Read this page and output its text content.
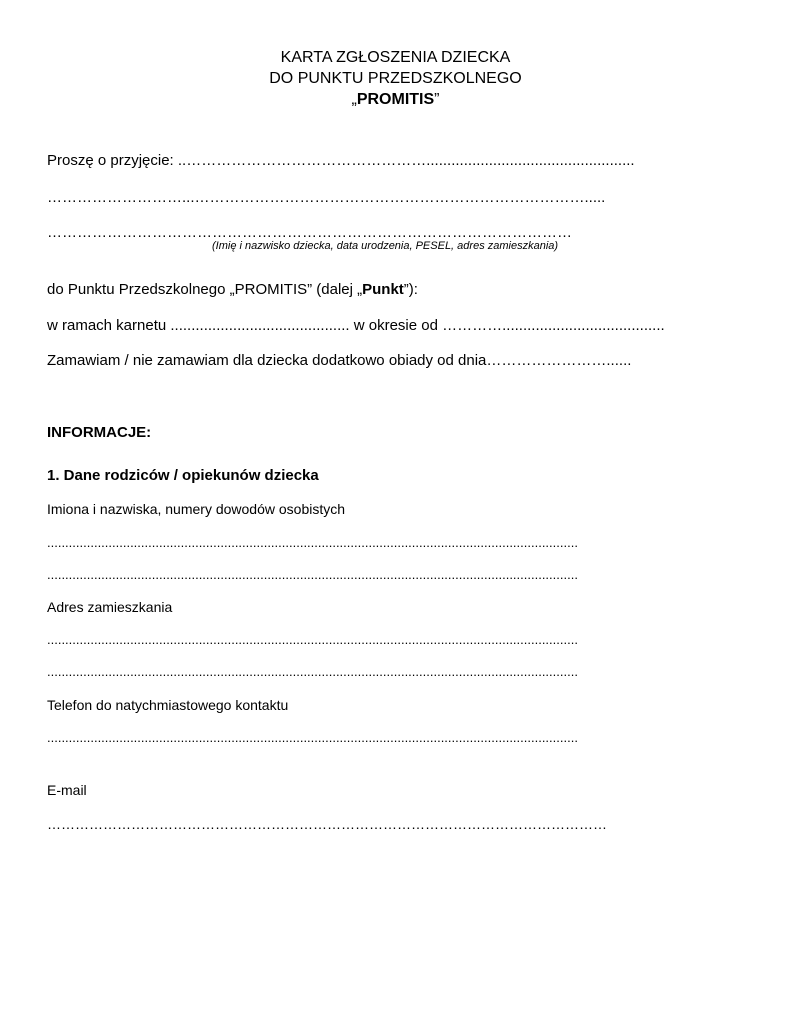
KARTA ZGŁOSZENIA DZIECKA
DO PUNKTU PRZEDSZKOLNEGO
„PROMITIS”
Proszę o przyjęcie: ..…………………………………………..................................................
………………………...…………………………………………………………………….....
……………………………………………………………………………………………
(Imię i nazwisko dziecka, data urodzenia, PESEL, adres zamieszkania)
do Punktu Przedszkolnego „PROMITIS” (dalej „Punkt”):
w ramach karnetu ........................................... w okresie od ………….......................................
Zamawiam / nie zamawiam dla dziecka dodatkowo obiady od dnia……………………......
INFORMACJE:
1. Dane rodziców / opiekunów dziecka
Imiona i nazwiska, numery dowodów osobistych
...................................................................................................................................................
...................................................................................................................................................
Adres zamieszkania
...................................................................................................................................................
...................................................................................................................................................
Telefon do natychmiastowego kontaktu
...................................................................................................................................................
E-mail
…………………………………………………………………………………………………………
